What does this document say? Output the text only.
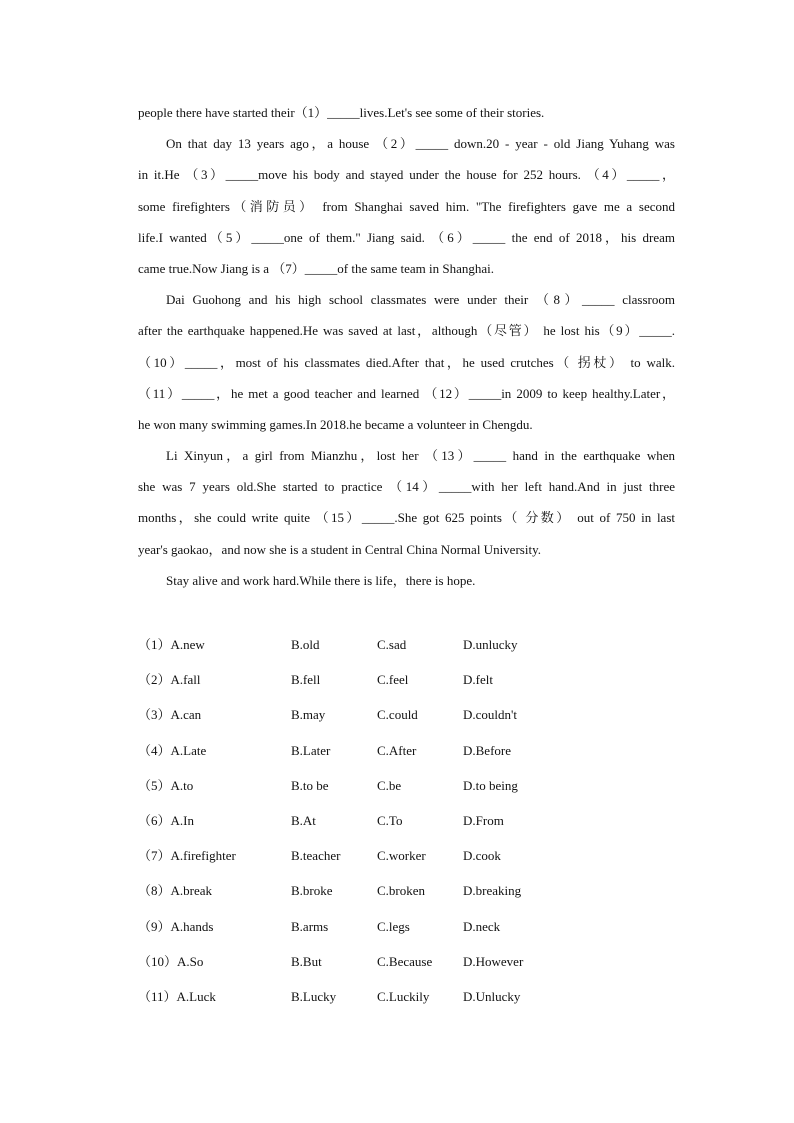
people there have started their（1）_____lives.Let's see some of their stories.
On that day 13 years ago，a house （2）_____ down.20 - year - old Jiang Yuhang was
in it.He （3）_____move his body and stayed under the house for 252 hours. （4）_____，
some firefighters（消防员） from Shanghai saved him. "The firefighters gave me a second
life.I wanted（5）_____one of them." Jiang said. （6）_____ the end of 2018，his dream
came true.Now Jiang is a （7）_____of the same team in Shanghai.
Dai Guohong and his high school classmates were under their （8）_____ classroom
after the earthquake happened.He was saved at last，although（尽管） he lost his（9）_____.
（10）_____，most of his classmates died.After that，he used crutches（ 拐杖） to walk.
（11）_____，he met a good teacher and learned （12）_____in 2009 to keep healthy.Later，
he won many swimming games.In 2018.he became a volunteer in Chengdu.
Li Xinyun，a girl from Mianzhu，lost her （13）_____ hand in the earthquake when
she was 7 years old.She started to practice （14）_____with her left hand.And in just three
months，she could write quite （15）_____.She got 625 points（ 分数） out of 750 in last
year's gaokao，and now she is a student in Central China Normal University.
Stay alive and work hard.While there is life，there is hope.
（1）A.new	B.old	C.sad	D.unlucky
（2）A.fall	B.fell	C.feel	D.felt
（3）A.can	B.may	C.could	D.couldn't
（4）A.Late	B.Later	C.After	D.Before
（5）A.to	B.to be	C.be	D.to being
（6）A.In	B.At	C.To	D.From
（7）A.firefighter	B.teacher	C.worker	D.cook
（8）A.break	B.broke	C.broken	D.breaking
（9）A.hands	B.arms	C.legs	D.neck
（10）A.So	B.But	C.Because D.However
（11）A.Luck	B.Lucky	C.Luckily	D.Unlucky
